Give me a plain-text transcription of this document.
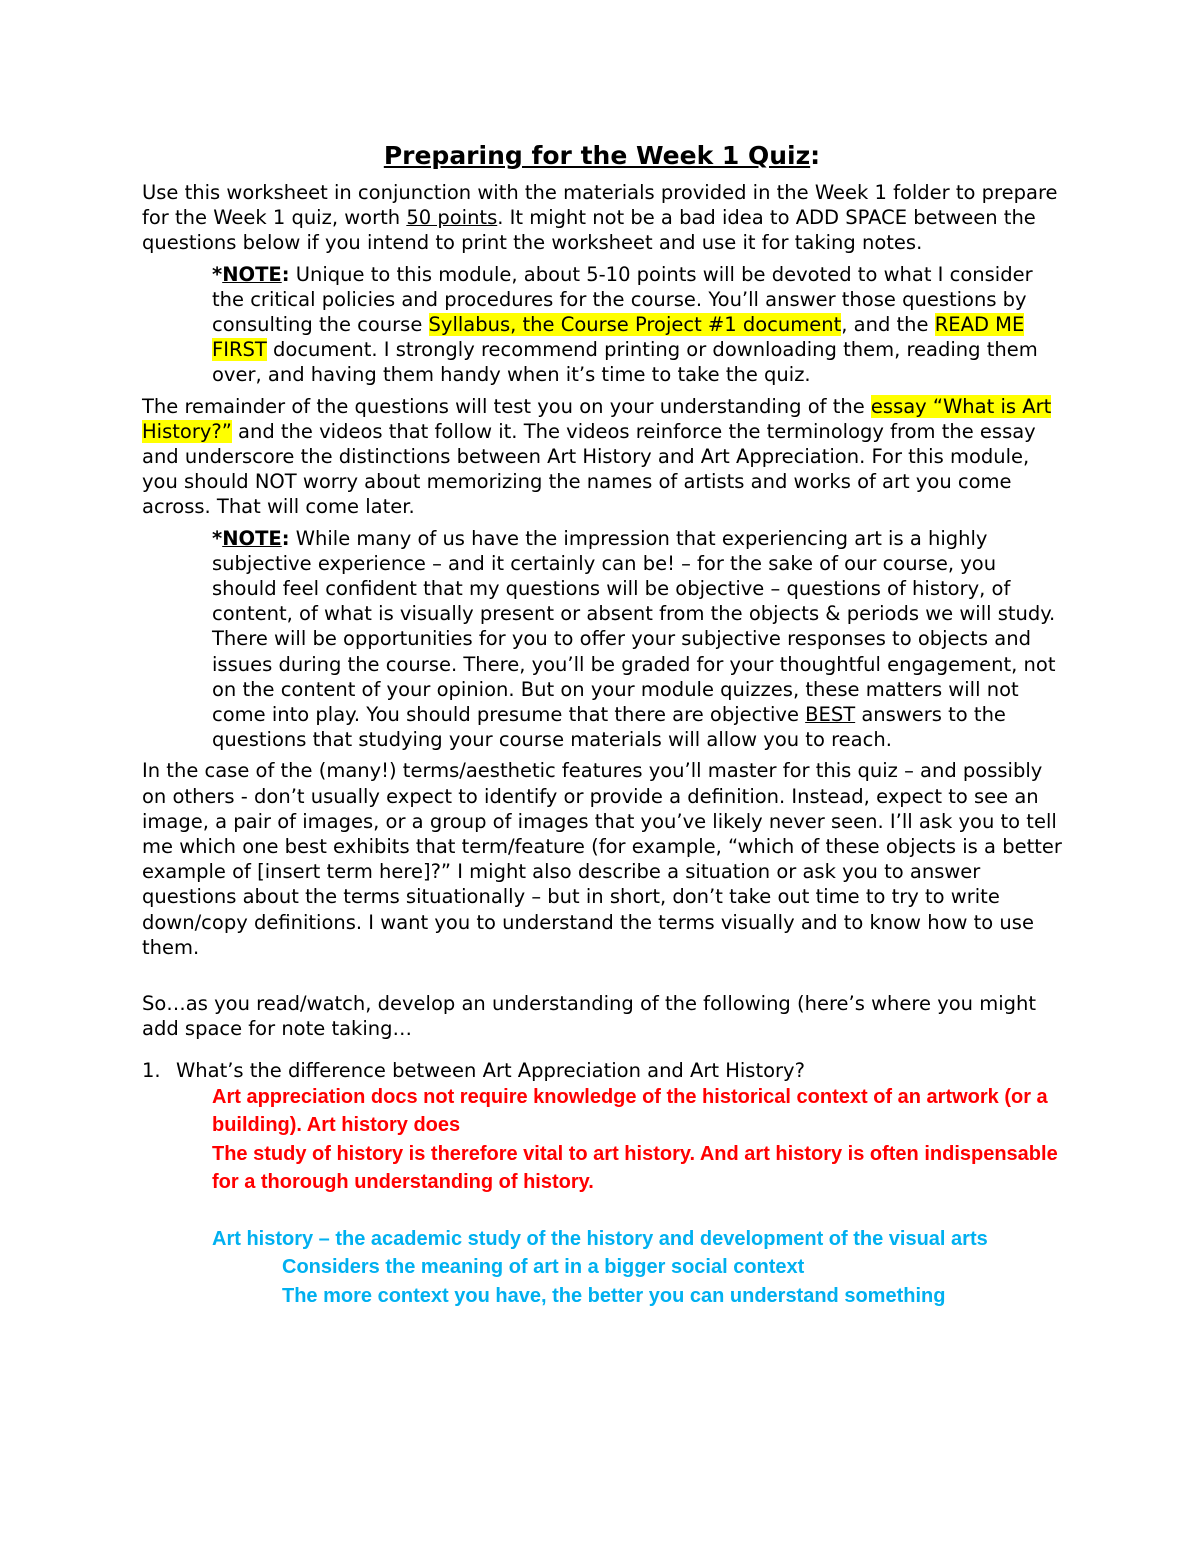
Preparing for the Week 1 Quiz:

Use this worksheet in conjunction with the materials provided in the Week 1 folder to prepare for the Week 1 quiz, worth 50 points. It might not be a bad idea to ADD SPACE between the questions below if you intend to print the worksheet and use it for taking notes.

*NOTE: Unique to this module, about 5-10 points will be devoted to what I consider the critical policies and procedures for the course. You’ll answer those questions by consulting the course Syllabus, the Course Project #1 document, and the READ ME FIRST document. I strongly recommend printing or downloading them, reading them over, and having them handy when it’s time to take the quiz.

The remainder of the questions will test you on your understanding of the essay “What is Art History?” and the videos that follow it. The videos reinforce the terminology from the essay and underscore the distinctions between Art History and Art Appreciation. For this module, you should NOT worry about memorizing the names of artists and works of art you come across. That will come later.

*NOTE: While many of us have the impression that experiencing art is a highly subjective experience – and it certainly can be! – for the sake of our course, you should feel confident that my questions will be objective – questions of history, of content, of what is visually present or absent from the objects & periods we will study. There will be opportunities for you to offer your subjective responses to objects and issues during the course. There, you’ll be graded for your thoughtful engagement, not on the content of your opinion. But on your module quizzes, these matters will not come into play. You should presume that there are objective BEST answers to the questions that studying your course materials will allow you to reach.

In the case of the (many!) terms/aesthetic features you’ll master for this quiz – and possibly on others - don’t usually expect to identify or provide a definition. Instead, expect to see an image, a pair of images, or a group of images that you’ve likely never seen. I’ll ask you to tell me which one best exhibits that term/feature (for example, “which of these objects is a better example of [insert term here]?” I might also describe a situation or ask you to answer questions about the terms situationally – but in short, don’t take out time to try to write down/copy definitions. I want you to understand the terms visually and to know how to use them.

So…as you read/watch, develop an understanding of the following (here’s where you might add space for note taking…

1. What’s the difference between Art Appreciation and Art History?

Art appreciation docs not require knowledge of the historical context of an artwork (or a building). Art history does

The study of history is therefore vital to art history. And art history is often indispensable for a thorough understanding of history.

Art history – the academic study of the history and development of the visual arts

Considers the meaning of art in a bigger social context

The more context you have, the better you can understand something
